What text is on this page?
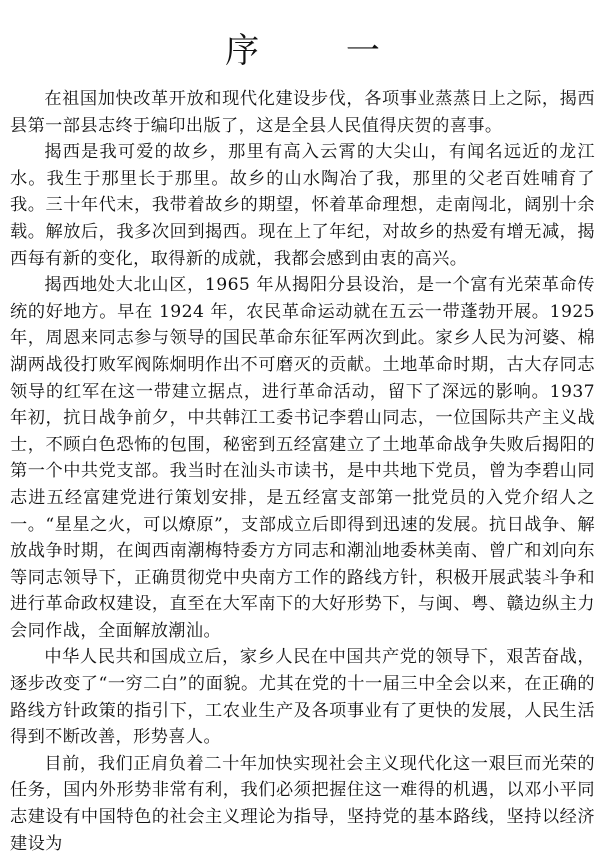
序 一

在祖国加快改革开放和现代化建设步伐，各项事业蒸蒸日上之际，揭西县第一部县志终于编印出版了，这是全县人民值得庆贺的喜事。

揭西是我可爱的故乡，那里有高入云霄的大尖山，有闻名远近的龙江水。我生于那里长于那里。故乡的山水陶冶了我，那里的父老百姓哺育了我。三十年代末，我带着故乡的期望，怀着革命理想，走南闯北，阔别十余载。解放后，我多次回到揭西。现在上了年纪，对故乡的热爱有增无减，揭西每有新的变化，取得新的成就，我都会感到由衷的高兴。

揭西地处大北山区，1965 年从揭阳分县设治，是一个富有光荣革命传统的好地方。早在 1924 年，农民革命运动就在五云一带蓬勃开展。1925 年，周恩来同志参与领导的国民革命东征军两次到此。家乡人民为河婆、棉湖两战役打败军阀陈炯明作出不可磨灭的贡献。土地革命时期，古大存同志领导的红军在这一带建立据点，进行革命活动，留下了深远的影响。1937 年初，抗日战争前夕，中共韩江工委书记李碧山同志，一位国际共产主义战士，不顾白色恐怖的包围，秘密到五经富建立了土地革命战争失败后揭阳的第一个中共党支部。我当时在汕头市读书，是中共地下党员，曾为李碧山同志进五经富建党进行策划安排，是五经富支部第一批党员的入党介绍人之一。“星星之火，可以燎原”，支部成立后即得到迅速的发展。抗日战争、解放战争时期，在闽西南潮梅特委方方同志和潮汕地委林美南、曾广和刘向东等同志领导下，正确贯彻党中央南方工作的路线方针，积极开展武装斗争和进行革命政权建设，直至在大军南下的大好形势下，与闽、粤、赣边纵主力会同作战，全面解放潮汕。

中华人民共和国成立后，家乡人民在中国共产党的领导下，艰苦奋战，逐步改变了“一穷二白”的面貌。尤其在党的十一届三中全会以来，在正确的路线方针政策的指引下，工农业生产及各项事业有了更快的发展，人民生活得到不断改善，形势喜人。

目前，我们正肩负着二十年加快实现社会主义现代化这一艰巨而光荣的任务，国内外形势非常有利，我们必须把握住这一难得的机遇，以邓小平同志建设有中国特色的社会主义理论为指导，坚持党的基本路线，坚持以经济建设为
